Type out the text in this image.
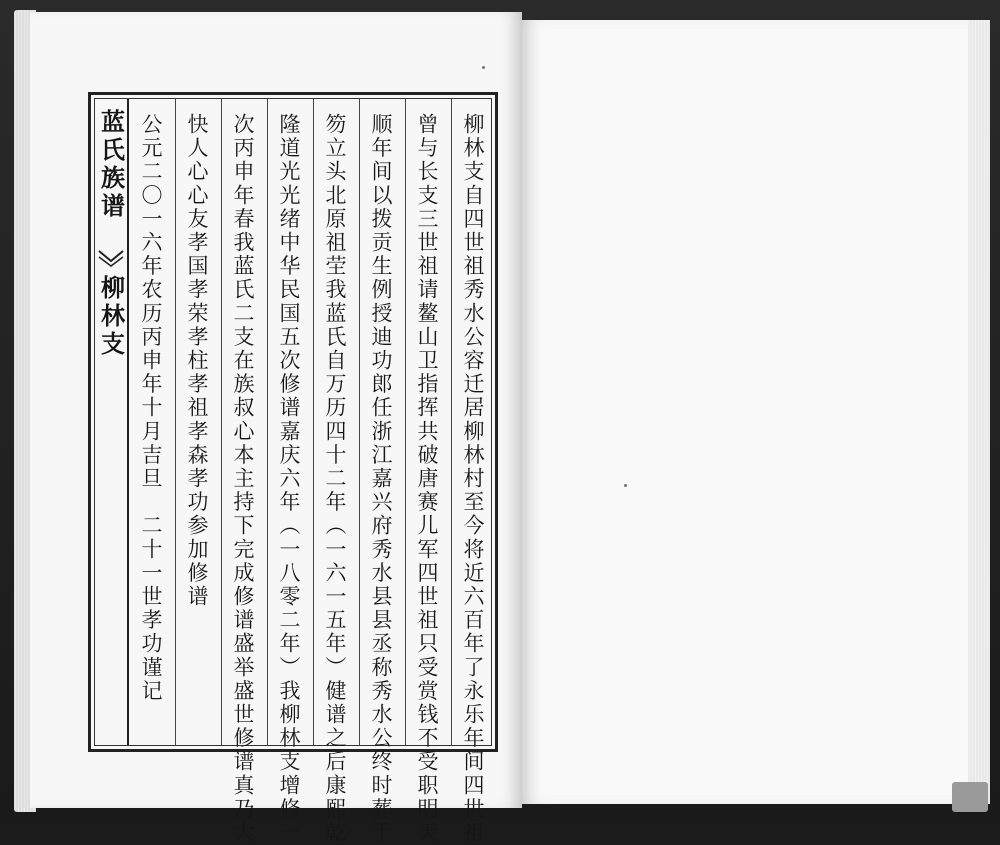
蓝氏族谱
柳林支	柳林支自四世祖秀水公容迁居柳林村至今将近六百年了永乐年间四世祖
曾与长支三世祖请鳌山卫指挥共破唐赛儿军四世祖只受赏钱不受职明天
顺年间以拨贡生例授迪功郎任浙江嘉兴府秀水县县丞称秀水公终时葬于
笏立头北原祖茔我蓝氏自万历四十二年（一六一五年）健谱之后康熙乾
隆道光光绪中华民国五次修谱嘉庆六年（一八零二年）我柳林支增修一
次丙申年春我蓝氏二支在族叔心本主持下完成修谱盛举盛世修谱真乃大
快人心心友孝国孝荣孝柱孝祖孝森孝功参加修谱
公元二〇一六年农历丙申年十月吉旦　二十一世孝功谨记
